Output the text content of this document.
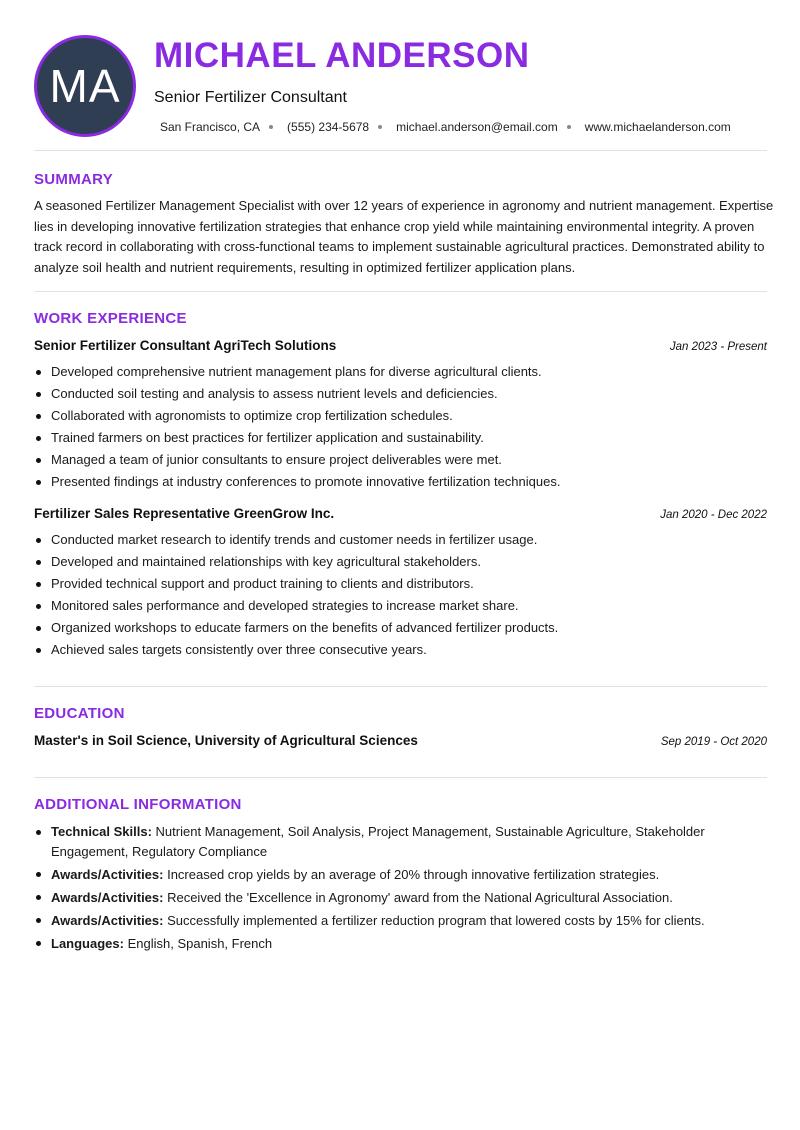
MA
MICHAEL ANDERSON
Senior Fertilizer Consultant
San Francisco, CA (555) 234-5678 michael.anderson@email.com www.michaelanderson.com
SUMMARY

A seasoned Fertilizer Management Specialist with over 12 years of experience in agronomy and nutrient management. Expertise lies in developing innovative fertilization strategies that enhance crop yield while maintaining environmental integrity. A proven track record in collaborating with cross-functional teams to implement sustainable agricultural practices. Demonstrated ability to analyze soil health and nutrient requirements, resulting in optimized fertilizer application plans.

WORK EXPERIENCE
Senior Fertilizer Consultant AgriTech Solutions	Jan 2023 - Present
Developed comprehensive nutrient management plans for diverse agricultural clients.
Conducted soil testing and analysis to assess nutrient levels and deficiencies.
Collaborated with agronomists to optimize crop fertilization schedules.
Trained farmers on best practices for fertilizer application and sustainability.
Managed a team of junior consultants to ensure project deliverables were met.
Presented findings at industry conferences to promote innovative fertilization techniques.
Fertilizer Sales Representative GreenGrow Inc.	Jan 2020 - Dec 2022
Conducted market research to identify trends and customer needs in fertilizer usage.
Developed and maintained relationships with key agricultural stakeholders.
Provided technical support and product training to clients and distributors.
Monitored sales performance and developed strategies to increase market share.
Organized workshops to educate farmers on the benefits of advanced fertilizer products.
Achieved sales targets consistently over three consecutive years.
EDUCATION
Master's in Soil Science, University of Agricultural Sciences	Sep 2019 - Oct 2020
ADDITIONAL INFORMATION
Technical Skills: Nutrient Management, Soil Analysis, Project Management, Sustainable Agriculture, Stakeholder Engagement, Regulatory Compliance
Awards/Activities: Increased crop yields by an average of 20% through innovative fertilization strategies.
Awards/Activities: Received the 'Excellence in Agronomy' award from the National Agricultural Association.
Awards/Activities: Successfully implemented a fertilizer reduction program that lowered costs by 15% for clients.
Languages: English, Spanish, French
